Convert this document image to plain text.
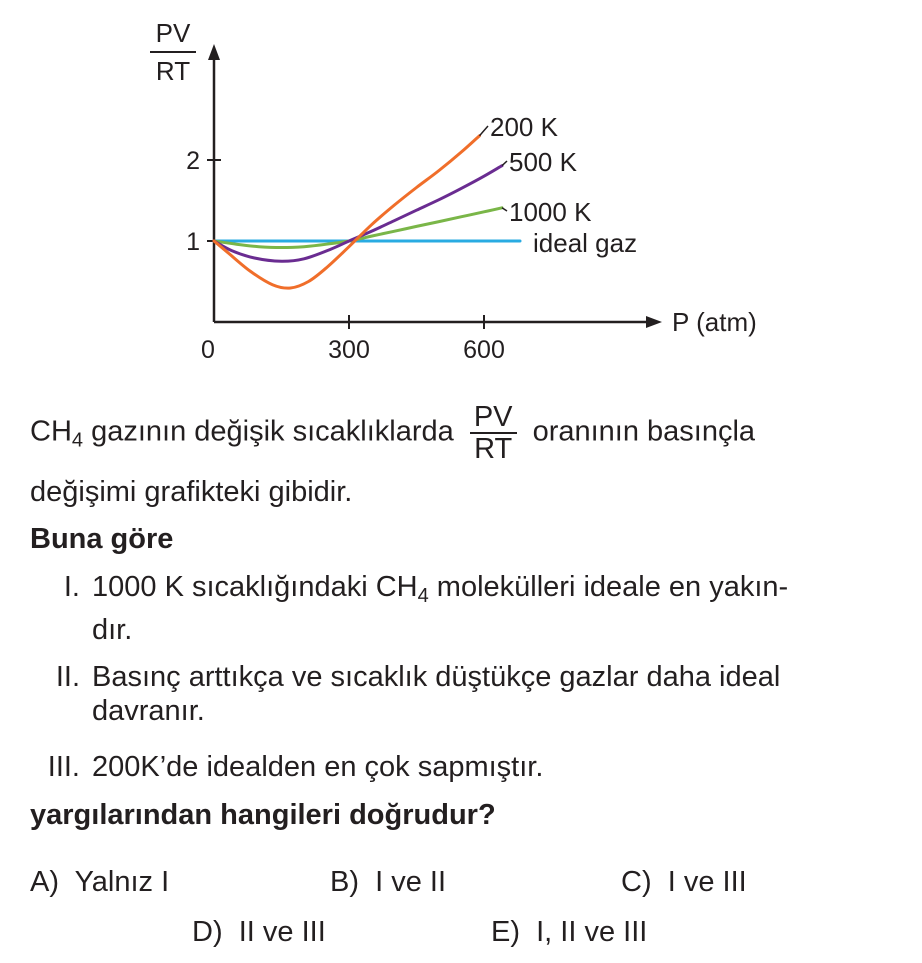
PV
RT
P (atm)
0	300	600
1
2
200 K
500 K
1000 K
ideal gaz
$CH_4$ gazının değişik sıcaklıklarda $\frac{PV}{RT}$ oranının basınçla
değişimi grafikteki gibidir.
Buna göre
I. 1000 K sıcaklığındaki $CH_4$ molekülleri ideale en yakın-
dır.
II. Basınç arttıkça ve sıcaklık düştükçe gazlar daha ideal
davranır.
III. 200K’de idealden en çok sapmıştır.
yargılarından hangileri doğrudur?
A) Yalnız I	B) I ve II	C) I ve III
D) II ve III	E) I, II ve III
